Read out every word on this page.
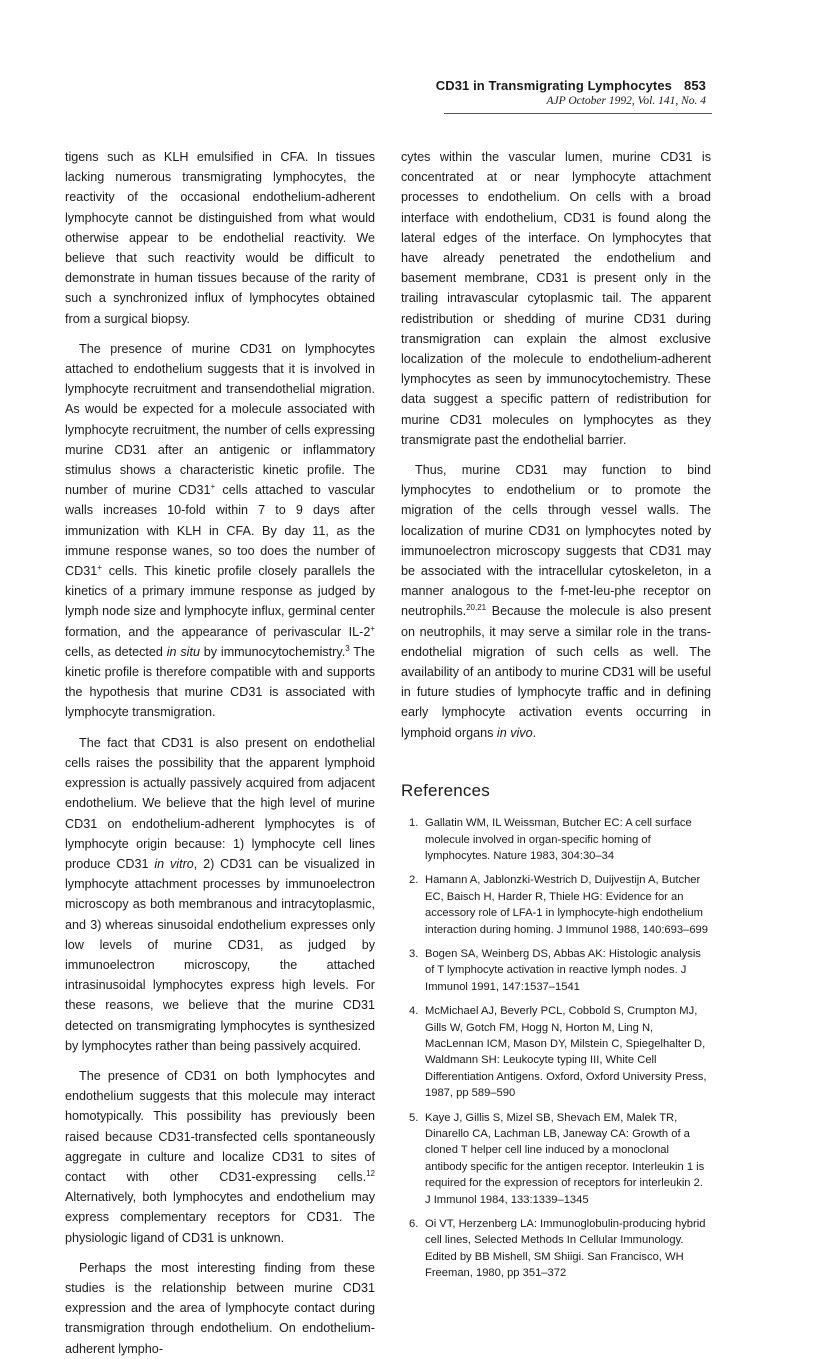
CD31 in Transmigrating Lymphocytes 853
AJP October 1992, Vol. 141, No. 4

tigens such as KLH emulsified in CFA. In tissues lacking numerous transmigrating lymphocytes, the reactivity of the occasional endothelium-adherent lymphocyte cannot be distinguished from what would otherwise appear to be endothelial reactivity. We believe that such reactivity would be difficult to demonstrate in human tissues because of the rarity of such a synchronized influx of lymphocytes obtained from a surgical biopsy.

The presence of murine CD31 on lymphocytes attached to endothelium suggests that it is involved in lymphocyte recruitment and transendothelial migration. As would be expected for a molecule associated with lymphocyte recruitment, the number of cells expressing murine CD31 after an antigenic or inflammatory stimulus shows a characteristic kinetic profile. The number of murine CD31+ cells attached to vascular walls increases 10-fold within 7 to 9 days after immunization with KLH in CFA. By day 11, as the immune response wanes, so too does the number of CD31+ cells. This kinetic profile closely parallels the kinetics of a primary immune response as judged by lymph node size and lymphocyte influx, germinal center formation, and the appearance of perivascular IL-2+ cells, as detected in situ by immunocytochemistry.$^3$ The kinetic profile is therefore compatible with and supports the hypothesis that murine CD31 is associated with lymphocyte transmigration.

The fact that CD31 is also present on endothelial cells raises the possibility that the apparent lymphoid expression is actually passively acquired from adjacent endothelium. We believe that the high level of murine CD31 on endothelium-adherent lymphocytes is of lymphocyte origin because: 1) lymphocyte cell lines produce CD31 in vitro, 2) CD31 can be visualized in lymphocyte attachment processes by immunoelectron microscopy as both membranous and intracytoplasmic, and 3) whereas sinusoidal endothelium expresses only low levels of murine CD31, as judged by immunoelectron microscopy, the attached intrasinusoidal lymphocytes express high levels. For these reasons, we believe that the murine CD31 detected on transmigrating lymphocytes is synthesized by lymphocytes rather than being passively acquired.

The presence of CD31 on both lymphocytes and endothelium suggests that this molecule may interact homotypically. This possibility has previously been raised because CD31-transfected cells spontaneously aggregate in culture and localize CD31 to sites of contact with other CD31-expressing cells.$^{12}$ Alternatively, both lymphocytes and endothelium may express complementary receptors for CD31. The physiologic ligand of CD31 is unknown.

Perhaps the most interesting finding from these studies is the relationship between murine CD31 expression and the area of lymphocyte contact during transmigration through endothelium. On endothelium-adherent lympho-

cytes within the vascular lumen, murine CD31 is concentrated at or near lymphocyte attachment processes to endothelium. On cells with a broad interface with endothelium, CD31 is found along the lateral edges of the interface. On lymphocytes that have already penetrated the endothelium and basement membrane, CD31 is present only in the trailing intravascular cytoplasmic tail. The apparent redistribution or shedding of murine CD31 during transmigration can explain the almost exclusive localization of the molecule to endothelium-adherent lymphocytes as seen by immunocytochemistry. These data suggest a specific pattern of redistribution for murine CD31 molecules on lymphocytes as they transmigrate past the endothelial barrier.

Thus, murine CD31 may function to bind lymphocytes to endothelium or to promote the migration of the cells through vessel walls. The localization of murine CD31 on lymphocytes noted by immunoelectron microscopy suggests that CD31 may be associated with the intracellular cytoskeleton, in a manner analogous to the f-met-leu-phe receptor on neutrophils.$^{20,21}$ Because the molecule is also present on neutrophils, it may serve a similar role in the trans-endothelial migration of such cells as well. The availability of an antibody to murine CD31 will be useful in future studies of lymphocyte traffic and in defining early lymphocyte activation events occurring in lymphoid organs in vivo.

References
1. Gallatin WM, IL Weissman, Butcher EC: A cell surface molecule involved in organ-specific homing of lymphocytes. Nature 1983, 304:30–34
2. Hamann A, Jablonzki-Westrich D, Duijvestijn A, Butcher EC, Baisch H, Harder R, Thiele HG: Evidence for an accessory role of LFA-1 in lymphocyte-high endothelium interaction during homing. J Immunol 1988, 140:693–699
3. Bogen SA, Weinberg DS, Abbas AK: Histologic analysis of T lymphocyte activation in reactive lymph nodes. J Immunol 1991, 147:1537–1541
4. McMichael AJ, Beverly PCL, Cobbold S, Crumpton MJ, Gills W, Gotch FM, Hogg N, Horton M, Ling N, MacLennan ICM, Mason DY, Milstein C, Spiegelhalter D, Waldmann SH: Leukocyte typing III, White Cell Differentiation Antigens. Oxford, Oxford University Press, 1987, pp 589–590
5. Kaye J, Gillis S, Mizel SB, Shevach EM, Malek TR, Dinarello CA, Lachman LB, Janeway CA: Growth of a cloned T helper cell line induced by a monoclonal antibody specific for the antigen receptor. Interleukin 1 is required for the expression of receptors for interleukin 2. J Immunol 1984, 133:1339–1345
6. Oi VT, Herzenberg LA: Immunoglobulin-producing hybrid cell lines, Selected Methods In Cellular Immunology. Edited by BB Mishell, SM Shiigi. San Francisco, WH Freeman, 1980, pp 351–372
